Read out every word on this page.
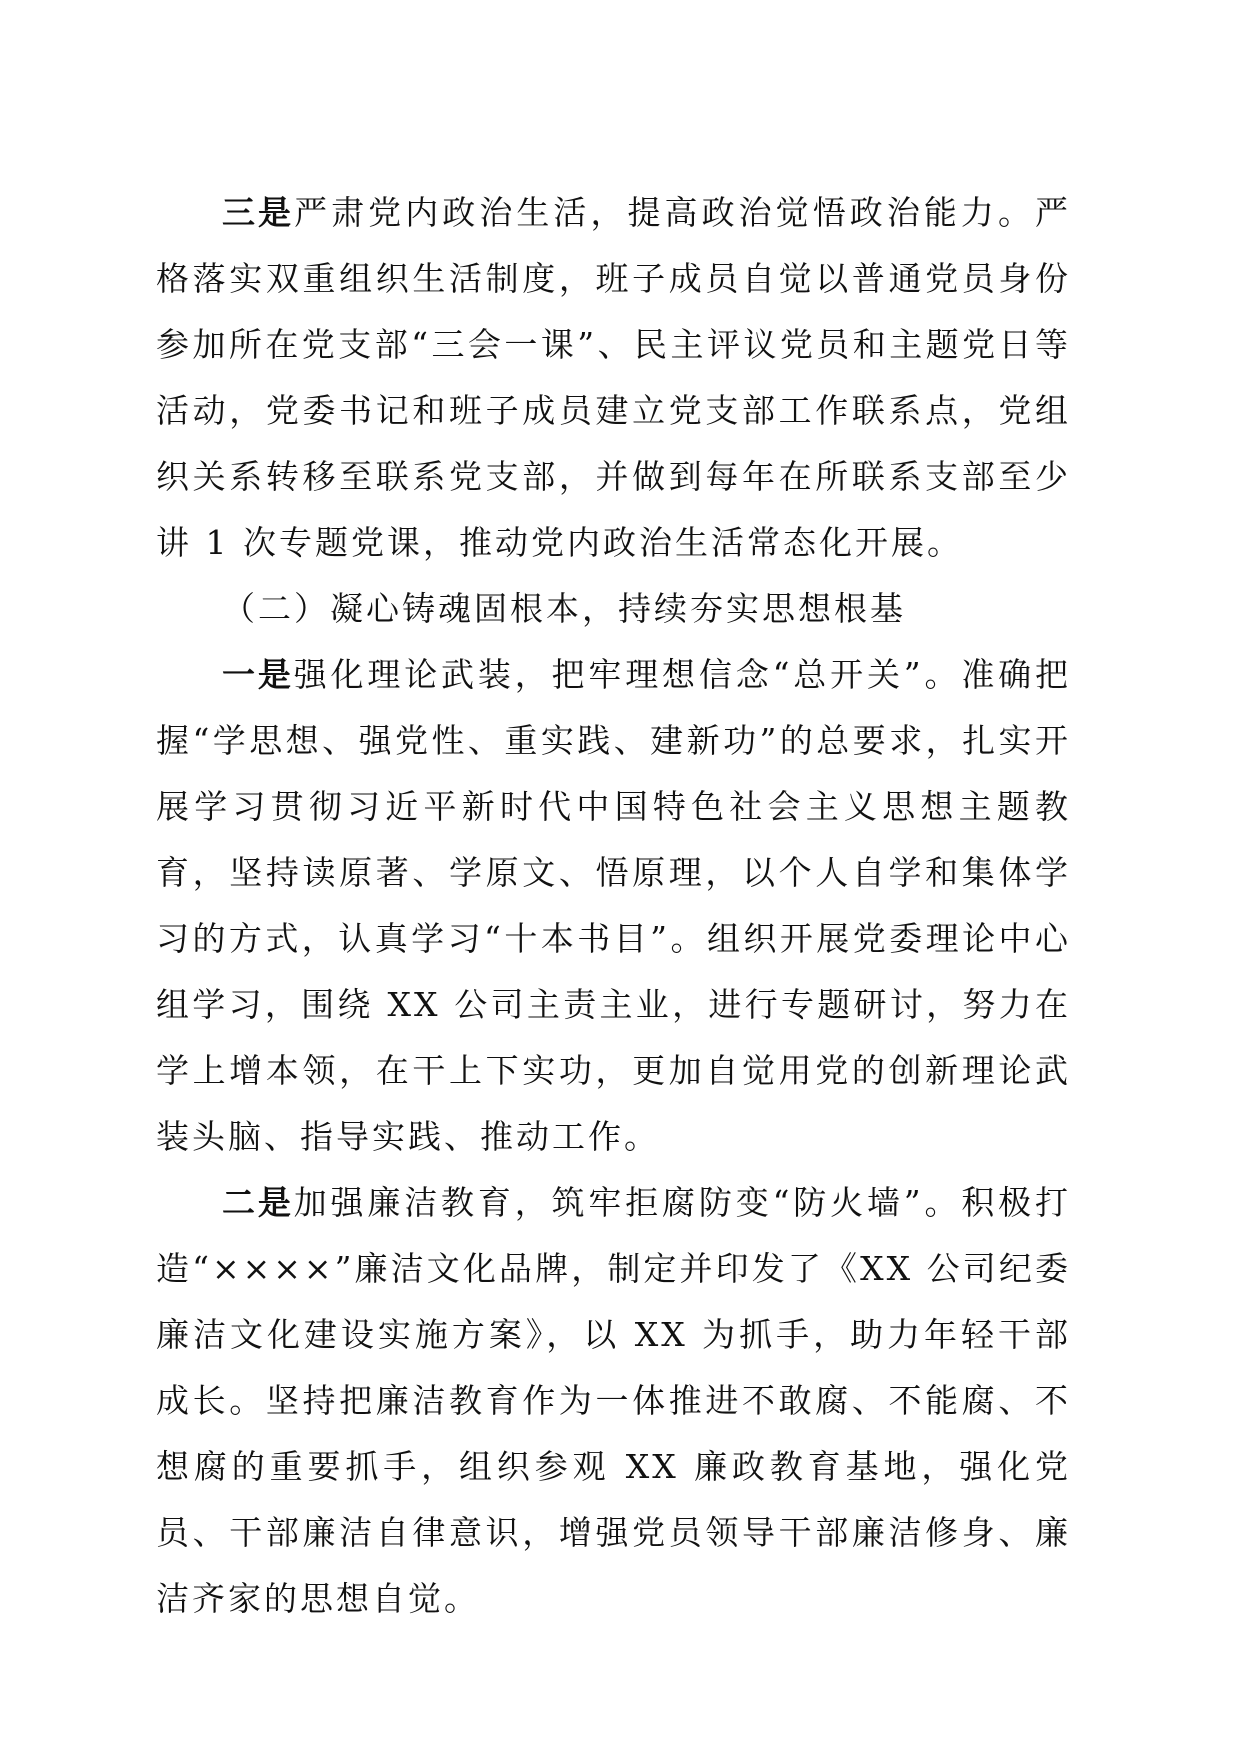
三是严肃党内政治生活，提高政治觉悟政治能力。严格落实双重组织生活制度，班子成员自觉以普通党员身份参加所在党支部“三会一课”、民主评议党员和主题党日等活动，党委书记和班子成员建立党支部工作联系点，党组织关系转移至联系党支部，并做到每年在所联系支部至少讲 1 次专题党课，推动党内政治生活常态化开展。

（二）凝心铸魂固根本，持续夯实思想根基

一是强化理论武装，把牢理想信念“总开关”。准确把握“学思想、强党性、重实践、建新功”的总要求，扎实开展学习贯彻习近平新时代中国特色社会主义思想主题教育，坚持读原著、学原文、悟原理，以个人自学和集体学习的方式，认真学习“十本书目”。组织开展党委理论中心组学习，围绕 XX 公司主责主业，进行专题研讨，努力在学上增本领，在干上下实功，更加自觉用党的创新理论武装头脑、指导实践、推动工作。

二是加强廉洁教育，筑牢拒腐防变“防火墙”。积极打造“××××”廉洁文化品牌，制定并印发了《XX 公司纪委廉洁文化建设实施方案》，以 XX 为抓手，助力年轻干部成长。坚持把廉洁教育作为一体推进不敢腐、不能腐、不想腐的重要抓手，组织参观 XX 廉政教育基地，强化党员、干部廉洁自律意识，增强党员领导干部廉洁修身、廉洁齐家的思想自觉。
